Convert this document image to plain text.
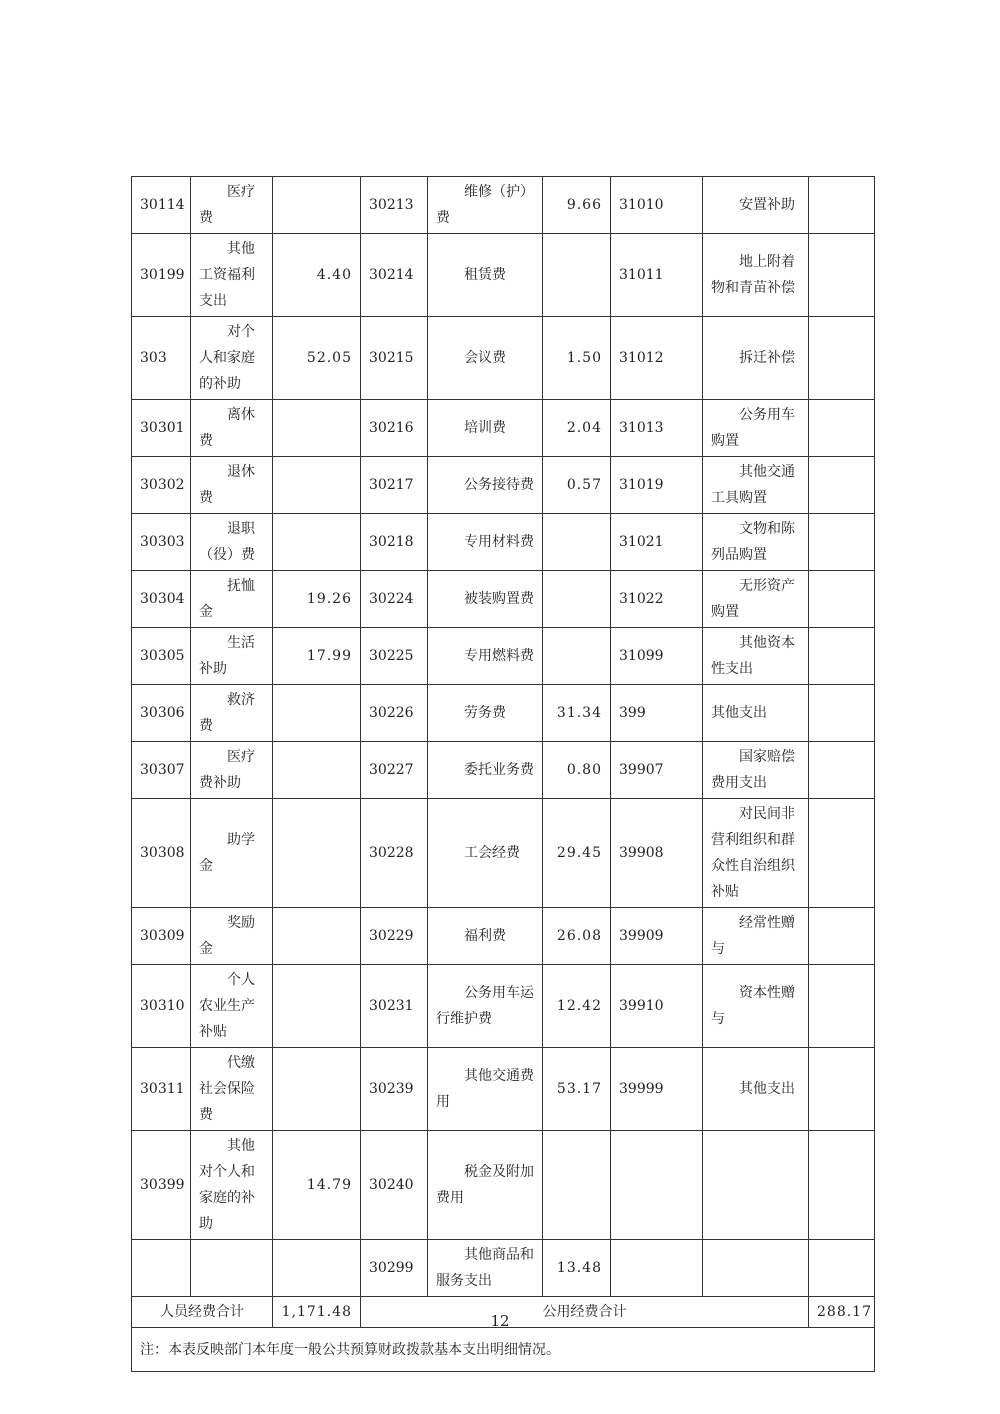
30114	医疗费		30213	维修（护）费	9.66	31010	安置补助	
30199	其他工资福利支出	4.40	30214	租赁费		31011	地上附着物和青苗补偿	
303	对个人和家庭的补助	52.05	30215	会议费	1.50	31012	拆迁补偿	
30301	离休费		30216	培训费	2.04	31013	公务用车购置	
30302	退休费		30217	公务接待费	0.57	31019	其他交通工具购置	
30303	退职（役）费		30218	专用材料费		31021	文物和陈列品购置	
30304	抚恤金	19.26	30224	被装购置费		31022	无形资产购置	
30305	生活补助	17.99	30225	专用燃料费		31099	其他资本性支出	
30306	救济费		30226	劳务费	31.34	399	其他支出	
30307	医疗费补助		30227	委托业务费	0.80	39907	国家赔偿费用支出	
30308	助学金		30228	工会经费	29.45	39908	对民间非营利组织和群众性自治组织补贴	
30309	奖励金		30229	福利费	26.08	39909	经常性赠与	
30310	个人农业生产补贴		30231	公务用车运行维护费	12.42	39910	资本性赠与	
30311	代缴社会保险费		30239	其他交通费用	53.17	39999	其他支出	
30399	其他对个人和家庭的补助	14.79	30240	税金及附加费用				
			30299	其他商品和服务支出	13.48			
人员经费合计		1,171.48	公用经费合计					288.17
注：本表反映部门本年度一般公共预算财政拨款基本支出明细情况。								
12
